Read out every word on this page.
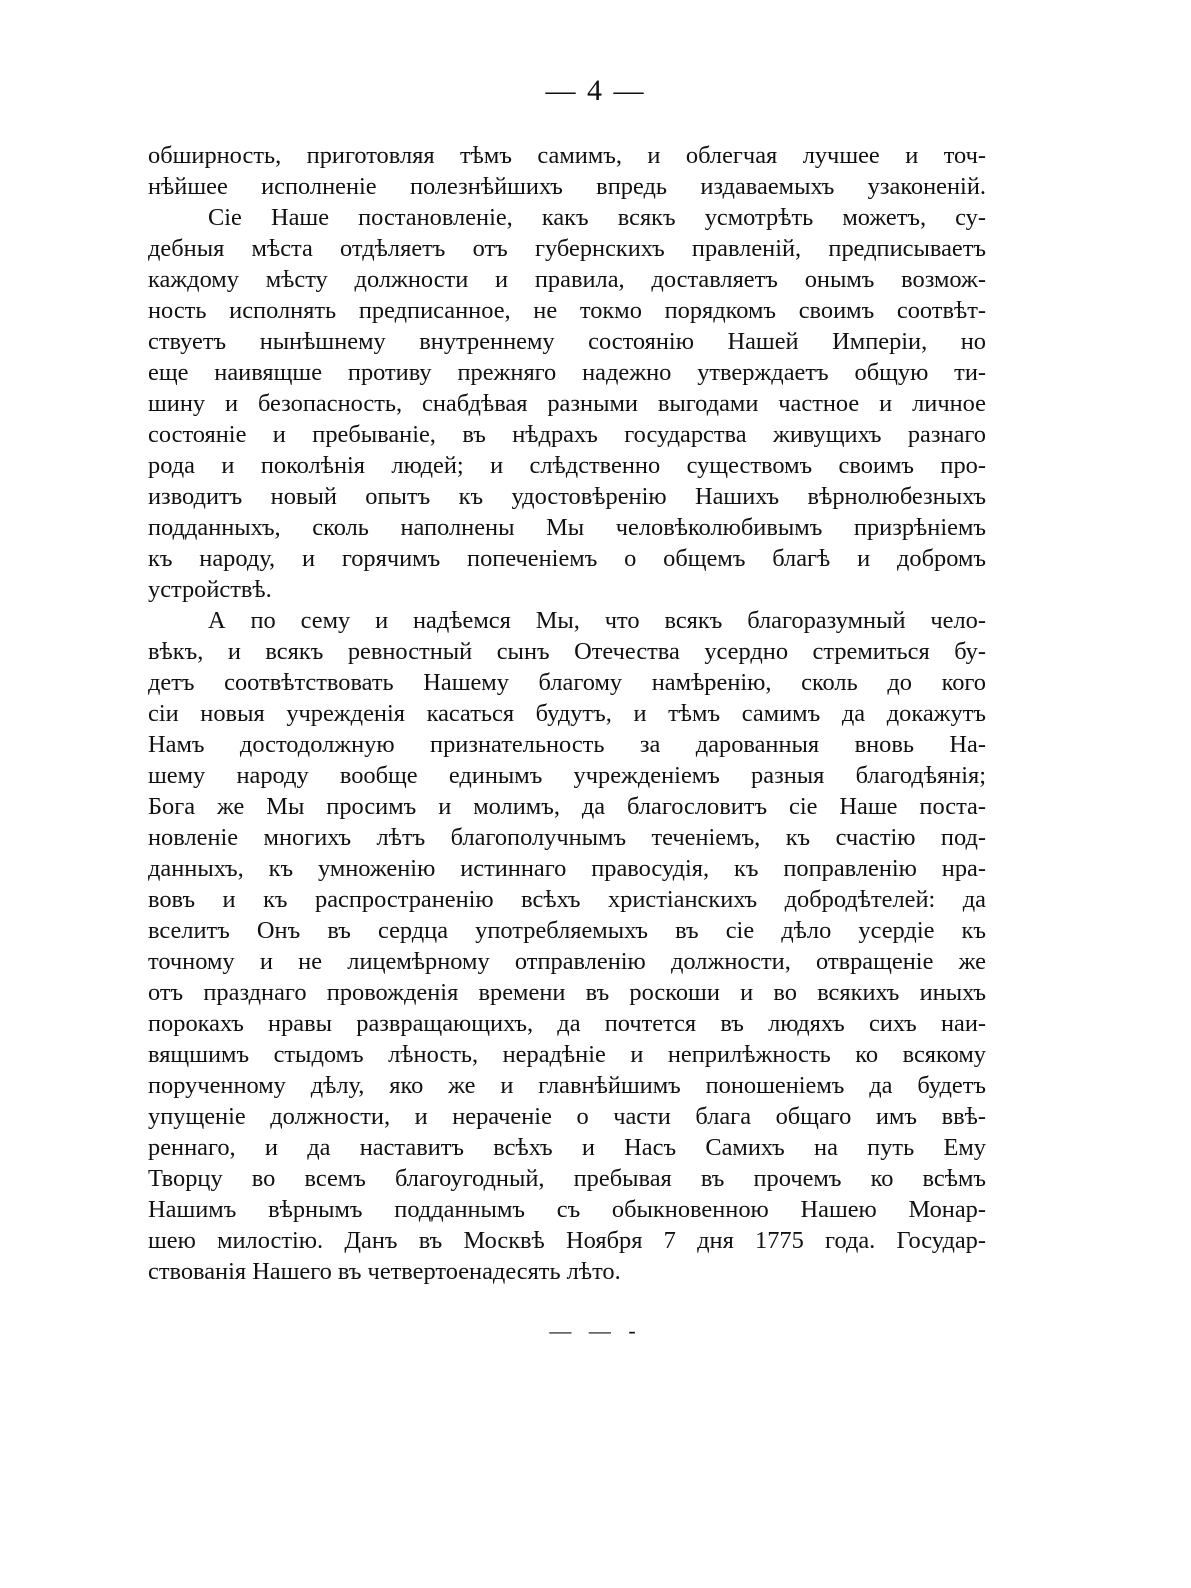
— 4 —
обширность, приготовляя тѣмъ самимъ, и облегчая лучшее и точ-
нѣйшее исполненіе полезнѣйшихъ впредь издаваемыхъ узаконеній.
Сіе Наше постановленіе, какъ всякъ усмотрѣть можетъ, су-
дебныя мѣста отдѣляетъ отъ губернскихъ правленій, предписываетъ
каждому мѣсту должности и правила, доставляетъ онымъ возмож-
ность исполнять предписанное, не токмо порядкомъ своимъ соотвѣт-
ствуетъ нынѣшнему внутреннему состоянію Нашей Имперіи, но
еще наивящше противу прежняго надежно утверждаетъ общую ти-
шину и безопасность, снабдѣвая разными выгодами частное и личное
состояніе и пребываніе, въ нѣдрахъ государства живущихъ разнаго
рода и поколѣнія людей; и слѣдственно существомъ своимъ про-
изводитъ новый опытъ къ удостовѣренію Нашихъ вѣрнолюбезныхъ
подданныхъ, сколь наполнены Мы человѣколюбивымъ призрѣніемъ
къ народу, и горячимъ попеченіемъ о общемъ благѣ и добромъ
устройствѣ.
А по сему и надѣемся Мы, что всякъ благоразумный чело-
вѣкъ, и всякъ ревностный сынъ Отечества усердно стремиться бу-
детъ соотвѣтствовать Нашему благому намѣренію, сколь до кого
сіи новыя учрежденія касаться будутъ, и тѣмъ самимъ да докажутъ
Намъ достодолжную признательность за дарованныя вновь На-
шему народу вообще единымъ учрежденіемъ разныя благодѣянія;
Бога же Мы просимъ и молимъ, да благословитъ сіе Наше поста-
новленіе многихъ лѣтъ благополучнымъ теченіемъ, къ счастію под-
данныхъ, къ умноженію истиннаго правосудія, къ поправленію нра-
вовъ и къ распространенію всѣхъ христіанскихъ добродѣтелей: да
вселитъ Онъ въ сердца употребляемыхъ въ сіе дѣло усердіе къ
точному и не лицемѣрному отправленію должности, отвращеніе же
отъ празднаго провожденія времени въ роскоши и во всякихъ иныхъ
порокахъ нравы развращающихъ, да почтется въ людяхъ сихъ наи-
вящшимъ стыдомъ лѣность, нерадѣніе и неприлѣжность ко всякому
порученному дѣлу, яко же и главнѣйшимъ поношеніемъ да будетъ
упущеніе должности, и нераченіе о части блага общаго имъ ввѣ-
реннаго, и да наставитъ всѣхъ и Насъ Самихъ на путь Ему
Творцу во всемъ благоугодный, пребывая въ прочемъ ко всѣмъ
Нашимъ вѣрнымъ подданнымъ съ обыкновенною Нашею Монар-
шею милостію. Данъ въ Москвѣ Ноября 7 дня 1775 года. Государ-
ствованія Нашего въ четвертоенадесять лѣто.
— — -
